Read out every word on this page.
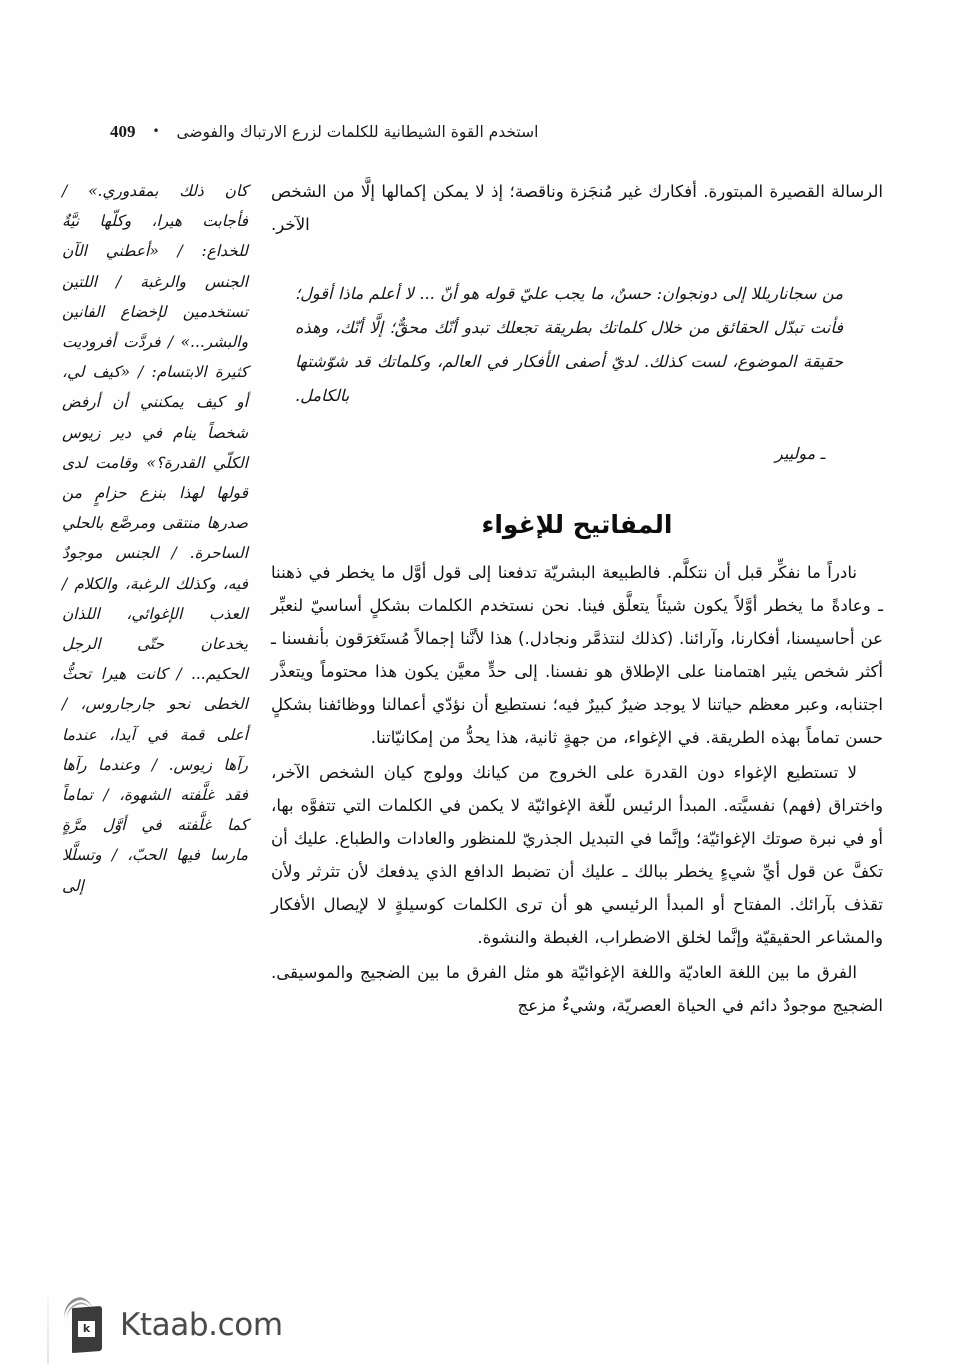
استخدم القوة الشيطانية للكلمات لزرع الارتباك والفوضى • 409

كان ذلك بمقدوري.» / فأجابت هيرا، وكلّها نيَّةٌ للخداع: / «أعطني الآن الجنس والرغبة / اللتين تستخدمين لإخضاع الفانين والبشر...» / فردَّت أفروديت كثيرة الابتسام: / «كيف لي، أو كيف يمكنني أن أرفض شخصاً ينام في دير زيوس الكلّي القدرة؟» وقامت لدى قولها لهذا بنزع حزامٍ من صدرها منتقى ومرصَّع بالحلي الساحرة. / الجنس موجودٌ فيه، وكذلك الرغبة، والكلام / العذب الإغوائي، اللذان يخدعان حتّى الرجل الحكيم... / كانت هيرا تحثُّ الخطى نحو جارجاروس، / أعلى قمة في آيدا، عندما رآها زيوس. / وعندما رآها فقد غلَّفته الشهوة، / تماماً كما غلَّفته في أوَّل مرَّةٍ مارسا فيها الحبّ، / وتسلَّلا إلى

الرسالة القصيرة المبتورة. أفكارك غير مُنجَزة وناقصة؛ إذ لا يمكن إكمالها إلَّا من الشخص الآخر.

من سجاناريللا إلى دونجوان: حسنٌ، ما يجب عليّ قوله هو أنّ ... لا أعلم ماذا أقول؛ فأنت تبدّل الحقائق من خلال كلماتك بطريقة تجعلك تبدو أنّك محقٌّ؛ إلَّا أنّك، وهذه حقيقة الموضوع، لست كذلك. لديّ أصفى الأفكار في العالم، وكلماتك قد شوّشتها بالكامل.

ـ موليير

المفاتيح للإغواء

نادراً ما نفكِّر قبل أن نتكلَّم. فالطبيعة البشريّة تدفعنا إلى قول أوَّل ما يخطر في ذهننا ـ وعادةً ما يخطر أوَّلاً يكون شيئاً يتعلَّق فينا. نحن نستخدم الكلمات بشكلٍ أساسيّ لنعبِّر عن أحاسيسنا، أفكارنا، وآرائنا. (كذلك لنتذمَّر ونجادل.) هذا لأنَّنا إجمالاً مُستَغرَقون بأنفسنا ـ أكثر شخص يثير اهتمامنا على الإطلاق هو نفسنا. إلى حدٍّ معيَّن يكون هذا محتوماً ويتعذَّر اجتنابه، وعبر معظم حياتنا لا يوجد ضيرٌ كبيرٌ فيه؛ نستطيع أن نؤدّي أعمالنا ووظائفنا بشكلٍ حسن تماماً بهذه الطريقة. في الإغواء، من جهةٍ ثانية، هذا يحدُّ من إمكانيّاتنا.

لا تستطيع الإغواء دون القدرة على الخروج من كيانك وولوج كيان الشخص الآخر، واختراق (فهم) نفسيَّته. المبدأ الرئيس للّغة الإغوائيّة لا يكمن في الكلمات التي تتفوَّه بها، أو في نبرة صوتك الإغوائيّة؛ وإنَّما في التبديل الجذريّ للمنظور والعادات والطباع. عليك أن تكفَّ عن قول أيِّ شيءٍ يخطر ببالك ـ عليك أن تضبط الدافع الذي يدفعك لأن تثرثر ولأن تقذف بآرائك. المفتاح أو المبدأ الرئيسي هو أن ترى الكلمات كوسيلةٍ لا لإيصال الأفكار والمشاعر الحقيقيّة وإنَّما لخلق الاضطراب، الغبطة والنشوة.

الفرق ما بين اللغة العاديّة واللغة الإغوائيّة هو مثل الفرق ما بين الضجيج والموسيقى. الضجيج موجودٌ دائم في الحياة العصريّة، وشيءٌ مزعج

k Ktaab.com
